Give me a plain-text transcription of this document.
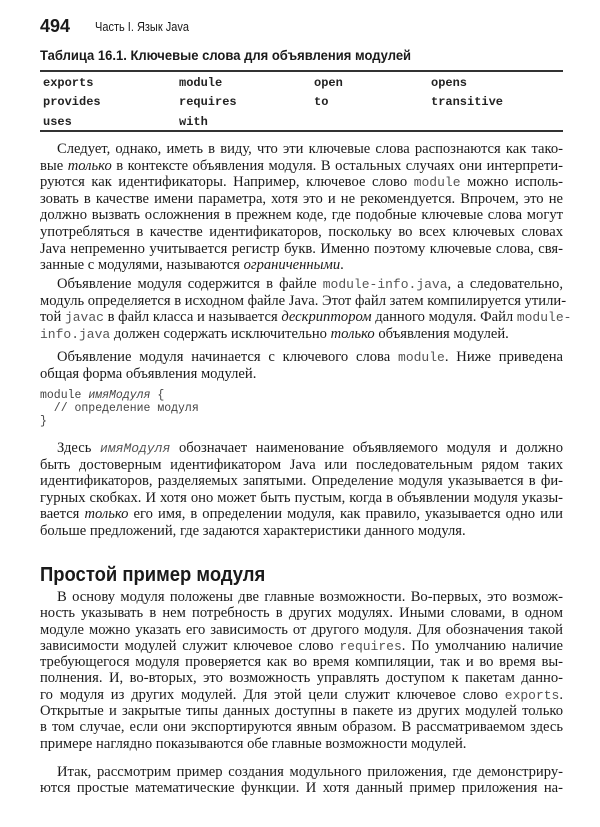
494 Часть I. Язык Java
Таблица 16.1. Ключевые слова для объявления модулей
exports	module	open	opens
provides	requires	to	transitive
uses	with
Следует, однако, иметь в виду, что эти ключевые слова распознаются как тако-
вые только в контексте объявления модуля. В остальных случаях они интерпрети-
руются как идентификаторы. Например, ключевое слово module можно исполь-
зовать в качестве имени параметра, хотя это и не рекомендуется. Впрочем, это не
должно вызвать осложнения в прежнем коде, где подобные ключевые слова могут
употребляться в качестве идентификаторов, поскольку во всех ключевых словах
Java непременно учитывается регистр букв. Именно поэтому ключевые слова, свя-
занные с модулями, называются ограниченными.
Объявление модуля содержится в файле module-info.java, а следовательно,
модуль определяется в исходном файле Java. Этот файл затем компилируется утили-
той javac в файл класса и называется дескриптором данного модуля. Файл module-
info.java должен содержать исключительно только объявления модулей.
Объявление модуля начинается с ключевого слова module. Ниже приведена
общая форма объявления модулей.
module имяМодуля {
// определение модуля
}
Здесь имяМодуля обозначает наименование объявляемого модуля и должно
быть достоверным идентификатором Java или последовательным рядом таких
идентификаторов, разделяемых запятыми. Определение модуля указывается в фи-
гурных скобках. И хотя оно может быть пустым, когда в объявлении модуля указы-
вается только его имя, в определении модуля, как правило, указывается одно или
больше предложений, где задаются характеристики данного модуля.
Простой пример модуля
В основу модуля положены две главные возможности. Во-первых, это возмож-
ность указывать в нем потребность в других модулях. Иными словами, в одном
модуле можно указать его зависимость от другого модуля. Для обозначения такой
зависимости модулей служит ключевое слово requires. По умолчанию наличие
требующегося модуля проверяется как во время компиляции, так и во время вы-
полнения. И, во-вторых, это возможность управлять доступом к пакетам данно-
го модуля из других модулей. Для этой цели служит ключевое слово exports.
Открытые и закрытые типы данных доступны в пакете из других модулей только
в том случае, если они экспортируются явным образом. В рассматриваемом здесь
примере наглядно показываются обе главные возможности модулей.
Итак, рассмотрим пример создания модульного приложения, где демонстриру-
ются простые математические функции. И хотя данный пример приложения на-
